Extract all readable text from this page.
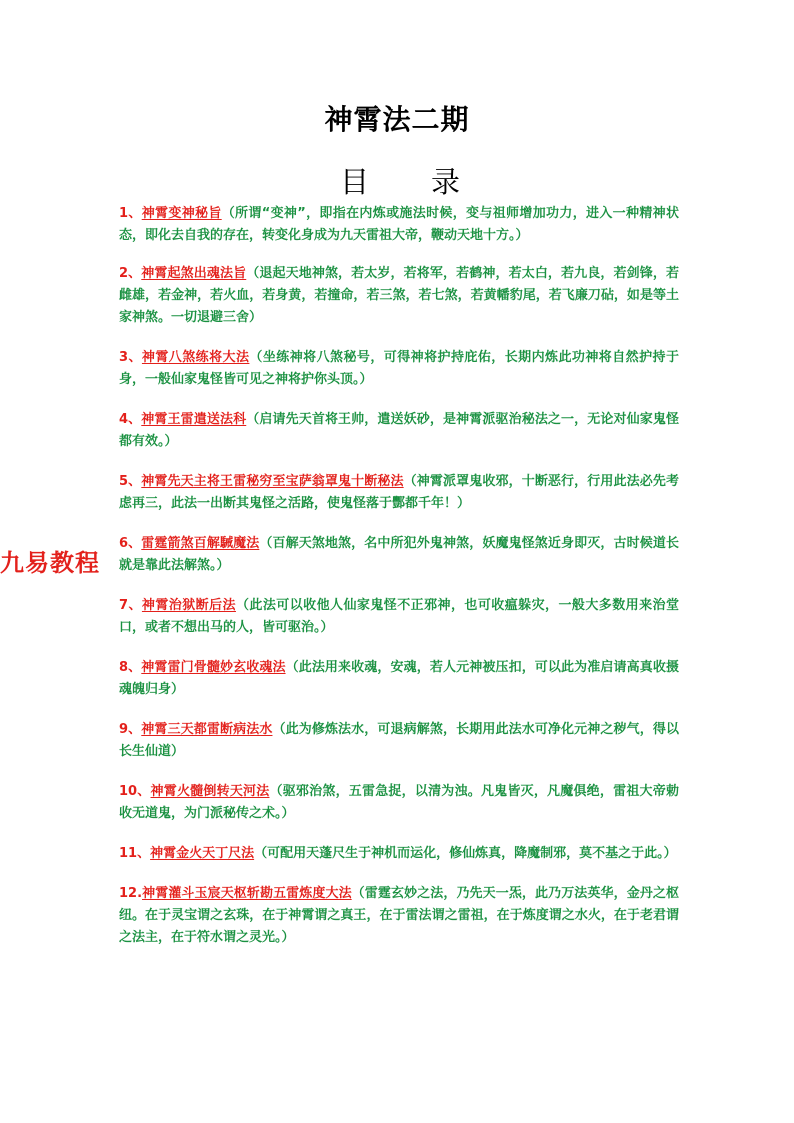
神霄法二期
目 录
九易教程

1、神霄变神秘旨（所谓“变神”，即指在内炼或施法时候，变与祖师增加功力，进入一种精神状态，即化去自我的存在，转变化身成为九天雷祖大帝，鞭动天地十方。）

2、神霄起煞出魂法旨（退起天地神煞，若太岁，若将军，若鹤神，若太白，若九良，若剑锋，若雌雄，若金神，若火血，若身黄，若撞命，若三煞，若七煞，若黄幡豹尾，若飞廉刀砧，如是等土家神煞。一切退避三舍）

3、神霄八煞练将大法（坐练神将八煞秘号，可得神将护持庇佑，长期内炼此功神将自然护持于身，一般仙家鬼怪皆可见之神将护你头顶。）

4、神霄王雷遣送法科（启请先天首将王帅，遣送妖砂，是神霄派驱治秘法之一，无论对仙家鬼怪都有效。）

5、神霄先天主将王雷秘穷至宝萨翁罩鬼十断秘法（神霄派罩鬼收邪，十断恶行，行用此法必先考虑再三，此法一出断其鬼怪之活路，使鬼怪落于酆都千年！）

6、雷霆箭煞百解駴魔法（百解天煞地煞，名中所犯外鬼神煞，妖魔鬼怪煞近身即灭，古时候道长就是靠此法解煞。）

7、神霄治狱断后法（此法可以收他人仙家鬼怪不正邪神，也可收瘟躲灾，一般大多数用来治堂口，或者不想出马的人，皆可驱治。）

8、神霄雷门骨髓妙玄收魂法（此法用来收魂，安魂，若人元神被压扣，可以此为准启请高真收摄魂魄归身）

9、神霄三天都雷断病法水（此为修炼法水，可退病解煞，长期用此法水可净化元神之秽气，得以长生仙道）

10、神霄火髓倒转天河法（驱邪治煞，五雷急捉，以清为浊。凡鬼皆灭，凡魔俱绝，雷祖大帝勅收无道鬼，为门派秘传之术。）

11、神霄金火天丁尺法（可配用天蓬尺生于神机而运化，修仙炼真，降魔制邪，莫不基之于此。）

12.神霄灌斗玉宸天枢斩勘五雷炼度大法（雷霆玄妙之法，乃先天一炁，此乃万法英华，金丹之枢纽。在于灵宝谓之玄珠，在于神霄谓之真王，在于雷法谓之雷祖，在于炼度谓之水火，在于老君谓之法主，在于符水谓之灵光。）
